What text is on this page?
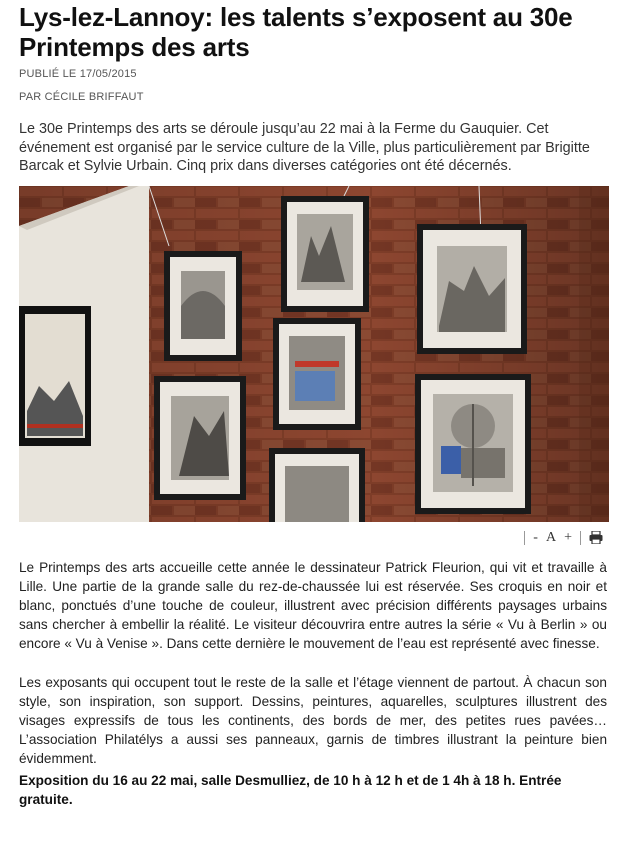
Lys-lez-Lannoy: les talents s’exposent au 30e Printemps des arts
PUBLIÉ LE 17/05/2015
PAR CÉCILE BRIFFAUT
Le 30e Printemps des arts se déroule jusqu’au 22 mai à la Ferme du Gauquier. Cet événement est organisé par le service culture de la Ville, plus particulièrement par Brigitte Barcak et Sylvie Urbain. Cinq prix dans diverses catégories ont été décernés.
- A +

Le Printemps des arts accueille cette année le dessinateur Patrick Fleurion, qui vit et travaille à Lille. Une partie de la grande salle du rez-de-chaussée lui est réservée. Ses croquis en noir et blanc, ponctués d’une touche de couleur, illustrent avec précision différents paysages urbains sans chercher à embellir la réalité. Le visiteur découvrira entre autres la série « Vu à Berlin » ou encore « Vu à Venise ». Dans cette dernière le mouvement de l’eau est représenté avec finesse.

Les exposants qui occupent tout le reste de la salle et l’étage viennent de partout. À chacun son style, son inspiration, son support. Dessins, peintures, aquarelles, sculptures illustrent des visages expressifs de tous les continents, des bords de mer, des petites rues pavées… L’association Philatélys a aussi ses panneaux, garnis de timbres illustrant la peinture bien évidemment.

Exposition du 16 au 22 mai, salle Desmulliez, de 10 h à 12 h et de 1 4h à 18 h. Entrée gratuite.
